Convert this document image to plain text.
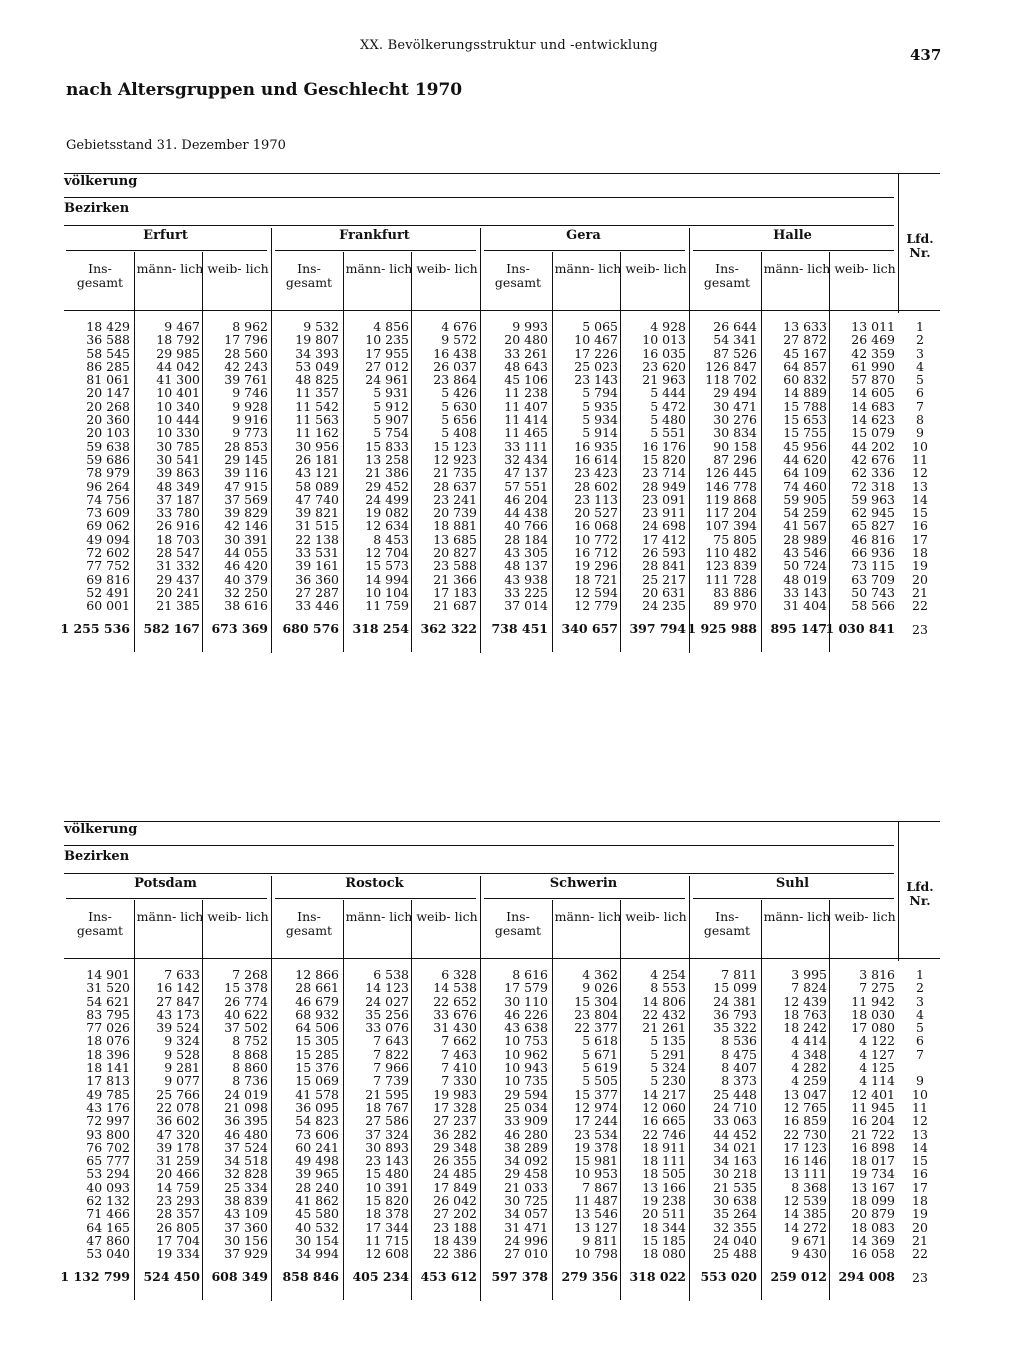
XX. Bevölkerungsstruktur und -entwicklung
437
nach Altersgruppen und Geschlecht 1970
Gebietsstand 31. Dezember 1970
völkerung
Bezirken
Lfd. Nr.
Erfurt
Ins- gesamt
18 429
36 588
58 545
86 285
81 061
20 147
20 268
20 360
20 103
59 638
59 686
78 979
96 264
74 756
73 609
69 062
49 094
72 602
77 752
69 816
52 491
60 001
1 255 536
männ- lich
9 467
18 792
29 985
44 042
41 300
10 401
10 340
10 444
10 330
30 785
30 541
39 863
48 349
37 187
33 780
26 916
18 703
28 547
31 332
29 437
20 241
21 385
582 167
weib- lich
8 962
17 796
28 560
42 243
39 761
9 746
9 928
9 916
9 773
28 853
29 145
39 116
47 915
37 569
39 829
42 146
30 391
44 055
46 420
40 379
32 250
38 616
673 369
Frankfurt
Ins- gesamt
9 532
19 807
34 393
53 049
48 825
11 357
11 542
11 563
11 162
30 956
26 181
43 121
58 089
47 740
39 821
31 515
22 138
33 531
39 161
36 360
27 287
33 446
680 576
männ- lich
4 856
10 235
17 955
27 012
24 961
5 931
5 912
5 907
5 754
15 833
13 258
21 386
29 452
24 499
19 082
12 634
8 453
12 704
15 573
14 994
10 104
11 759
318 254
weib- lich
4 676
9 572
16 438
26 037
23 864
5 426
5 630
5 656
5 408
15 123
12 923
21 735
28 637
23 241
20 739
18 881
13 685
20 827
23 588
21 366
17 183
21 687
362 322
Gera
Ins- gesamt
9 993
20 480
33 261
48 643
45 106
11 238
11 407
11 414
11 465
33 111
32 434
47 137
57 551
46 204
44 438
40 766
28 184
43 305
48 137
43 938
33 225
37 014
738 451
männ- lich
5 065
10 467
17 226
25 023
23 143
5 794
5 935
5 934
5 914
16 935
16 614
23 423
28 602
23 113
20 527
16 068
10 772
16 712
19 296
18 721
12 594
12 779
340 657
weib- lich
4 928
10 013
16 035
23 620
21 963
5 444
5 472
5 480
5 551
16 176
15 820
23 714
28 949
23 091
23 911
24 698
17 412
26 593
28 841
25 217
20 631
24 235
397 794
Halle
Ins- gesamt
26 644
54 341
87 526
126 847
118 702
29 494
30 471
30 276
30 834
90 158
87 296
126 445
146 778
119 868
117 204
107 394
75 805
110 482
123 839
111 728
83 886
89 970
1 925 988
männ- lich
13 633
27 872
45 167
64 857
60 832
14 889
15 788
15 653
15 755
45 956
44 620
64 109
74 460
59 905
54 259
41 567
28 989
43 546
50 724
48 019
33 143
31 404
895 147
weib- lich
13 011
26 469
42 359
61 990
57 870
14 605
14 683
14 623
15 079
44 202
42 676
62 336
72 318
59 963
62 945
65 827
46 816
66 936
73 115
63 709
50 743
58 566
1 030 841
1
2
3
4
5
6
7
8
9
10
11
12
13
14
15
16
17
18
19
20
21
22
23
völkerung
Bezirken
Lfd. Nr.
Potsdam
Ins- gesamt
14 901
31 520
54 621
83 795
77 026
18 076
18 396
18 141
17 813
49 785
43 176
72 997
93 800
76 702
65 777
53 294
40 093
62 132
71 466
64 165
47 860
53 040
1 132 799
männ- lich
7 633
16 142
27 847
43 173
39 524
9 324
9 528
9 281
9 077
25 766
22 078
36 602
47 320
39 178
31 259
20 466
14 759
23 293
28 357
26 805
17 704
19 334
524 450
weib- lich
7 268
15 378
26 774
40 622
37 502
8 752
8 868
8 860
8 736
24 019
21 098
36 395
46 480
37 524
34 518
32 828
25 334
38 839
43 109
37 360
30 156
37 929
608 349
Rostock
Ins- gesamt
12 866
28 661
46 679
68 932
64 506
15 305
15 285
15 376
15 069
41 578
36 095
54 823
73 606
60 241
49 498
39 965
28 240
41 862
45 580
40 532
30 154
34 994
858 846
männ- lich
6 538
14 123
24 027
35 256
33 076
7 643
7 822
7 966
7 739
21 595
18 767
27 586
37 324
30 893
23 143
15 480
10 391
15 820
18 378
17 344
11 715
12 608
405 234
weib- lich
6 328
14 538
22 652
33 676
31 430
7 662
7 463
7 410
7 330
19 983
17 328
27 237
36 282
29 348
26 355
24 485
17 849
26 042
27 202
23 188
18 439
22 386
453 612
Schwerin
Ins- gesamt
8 616
17 579
30 110
46 226
43 638
10 753
10 962
10 943
10 735
29 594
25 034
33 909
46 280
38 289
34 092
29 458
21 033
30 725
34 057
31 471
24 996
27 010
597 378
männ- lich
4 362
9 026
15 304
23 804
22 377
5 618
5 671
5 619
5 505
15 377
12 974
17 244
23 534
19 378
15 981
10 953
7 867
11 487
13 546
13 127
9 811
10 798
279 356
weib- lich
4 254
8 553
14 806
22 432
21 261
5 135
5 291
5 324
5 230
14 217
12 060
16 665
22 746
18 911
18 111
18 505
13 166
19 238
20 511
18 344
15 185
18 080
318 022
Suhl
Ins- gesamt
7 811
15 099
24 381
36 793
35 322
8 536
8 475
8 407
8 373
25 448
24 710
33 063
44 452
34 021
34 163
30 218
21 535
30 638
35 264
32 355
24 040
25 488
553 020
männ- lich
3 995
7 824
12 439
18 763
18 242
4 414
4 348
4 282
4 259
13 047
12 765
16 859
22 730
17 123
16 146
13 111
8 368
12 539
14 385
14 272
9 671
9 430
259 012
weib- lich
3 816
7 275
11 942
18 030
17 080
4 122
4 127
4 125
4 114
12 401
11 945
16 204
21 722
16 898
18 017
19 734
13 167
18 099
20 879
18 083
14 369
16 058
294 008
1
2
3
4
5
6
7
9
10
11
12
13
14
15
16
17
18
19
20
21
22
23
